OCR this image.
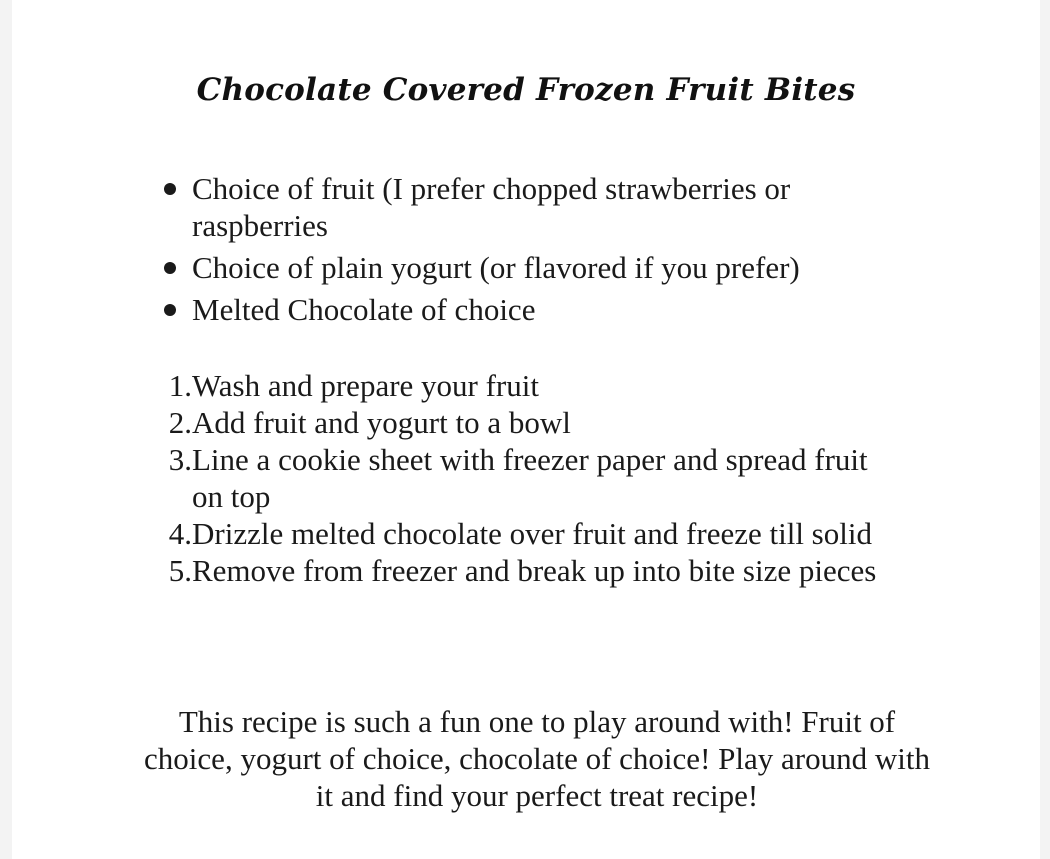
Chocolate Covered Frozen Fruit Bites
Choice of fruit (I prefer chopped strawberries or raspberries
Choice of plain yogurt (or flavored if you prefer)
Melted Chocolate of choice
1. Wash and prepare your fruit
2. Add fruit and yogurt to a bowl
3. Line a cookie sheet with freezer paper and spread fruit on top
4. Drizzle melted chocolate over fruit and freeze till solid
5. Remove from freezer and break up into bite size pieces
This recipe is such a fun one to play around with! Fruit of choice, yogurt of choice, chocolate of choice! Play around with it and find your perfect treat recipe!
